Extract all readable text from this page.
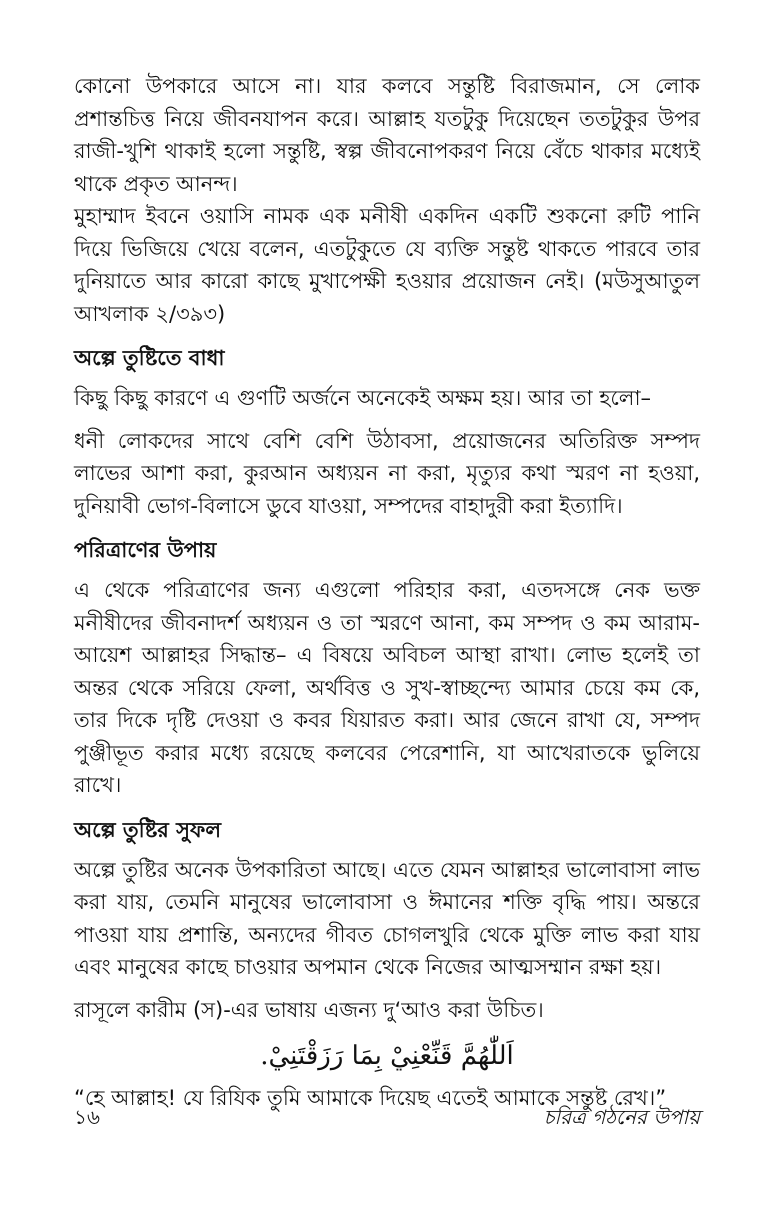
কোনো উপকারে আসে না। যার কলবে সন্তুষ্টি বিরাজমান, সে লোক প্রশান্তচিত্ত নিয়ে জীবনযাপন করে। আল্লাহ যতটুকু দিয়েছেন ততটুকুর উপর রাজী-খুশি থাকাই হলো সন্তুষ্টি, স্বল্প জীবনোপকরণ নিয়ে বেঁচে থাকার মধ্যেই থাকে প্রকৃত আনন্দ।

মুহাম্মাদ ইবনে ওয়াসি নামক এক মনীষী একদিন একটি শুকনো রুটি পানি দিয়ে ভিজিয়ে খেয়ে বলেন, এতটুকুতে যে ব্যক্তি সন্তুষ্ট থাকতে পারবে তার দুনিয়াতে আর কারো কাছে মুখাপেক্ষী হওয়ার প্রয়োজন নেই। (মউসুআতুল আখলাক ২/৩৯৩)

অল্পে তুষ্টিতে বাধা

কিছু কিছু কারণে এ গুণটি অর্জনে অনেকেই অক্ষম হয়। আর তা হলো–

ধনী লোকদের সাথে বেশি বেশি উঠাবসা, প্রয়োজনের অতিরিক্ত সম্পদ লাভের আশা করা, কুরআন অধ্যয়ন না করা, মৃত্যুর কথা স্মরণ না হওয়া, দুনিয়াবী ভোগ-বিলাসে ডুবে যাওয়া, সম্পদের বাহাদুরী করা ইত্যাদি।

পরিত্রাণের উপায়

এ থেকে পরিত্রাণের জন্য এগুলো পরিহার করা, এতদসঙ্গে নেক ভক্ত মনীষীদের জীবনাদর্শ অধ্যয়ন ও তা স্মরণে আনা, কম সম্পদ ও কম আরাম-আয়েশ আল্লাহর সিদ্ধান্ত– এ বিষয়ে অবিচল আস্থা রাখা। লোভ হলেই তা অন্তর থেকে সরিয়ে ফেলা, অর্থবিত্ত ও সুখ-স্বাচ্ছন্দ্যে আমার চেয়ে কম কে, তার দিকে দৃষ্টি দেওয়া ও কবর যিয়ারত করা। আর জেনে রাখা যে, সম্পদ পুঞ্জীভূত করার মধ্যে রয়েছে কলবের পেরেশানি, যা আখেরাতকে ভুলিয়ে রাখে।

অল্পে তুষ্টির সুফল

অল্পে তুষ্টির অনেক উপকারিতা আছে। এতে যেমন আল্লাহর ভালোবাসা লাভ করা যায়, তেমনি মানুষের ভালোবাসা ও ঈমানের শক্তি বৃদ্ধি পায়। অন্তরে পাওয়া যায় প্রশান্তি, অন্যদের গীবত চোগলখুরি থেকে মুক্তি লাভ করা যায় এবং মানুষের কাছে চাওয়ার অপমান থেকে নিজের আত্মসম্মান রক্ষা হয়।

রাসূলে কারীম (স)-এর ভাষায় এজন্য দু‘আও করা উচিত।

اَللّٰهُمَّ قَنِّعْنِيْ بِمَا رَزَقْتَنِيْ.

“হে আল্লাহ! যে রিযিক তুমি আমাকে দিয়েছ এতেই আমাকে সন্তুষ্ট রেখ।”

১৬	চরিত্র গঠনের উপায়
